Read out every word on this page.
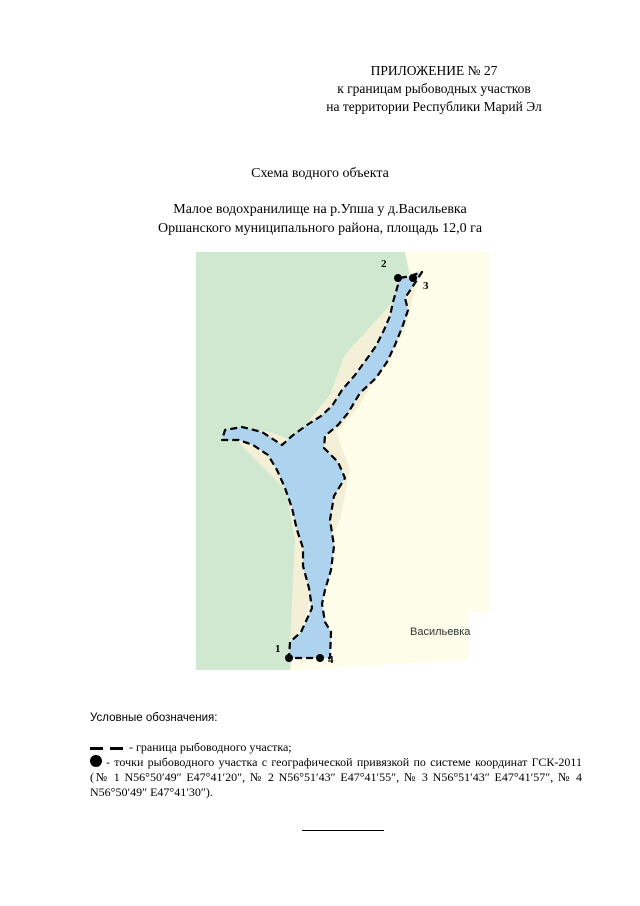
ПРИЛОЖЕНИЕ № 27
к границам рыбоводных участков
на территории Республики Марий Эл
Схема водного объекта
Малое водохранилище на р.Упша у д.Васильевка
Оршанского муниципального района, площадь 12,0 га
Васильевка
1
2
3
4
Условные обозначения:
- граница рыбоводного участка;
- точки рыбоводного участка с географической привязкой по системе координат ГСК-2011 (№ 1 N56°50′49″ E47°41′20″, № 2 N56°51′43″ E47°41′55″, № 3 N56°51′43″ E47°41′57″, № 4 N56°50′49″ E47°41′30″).
